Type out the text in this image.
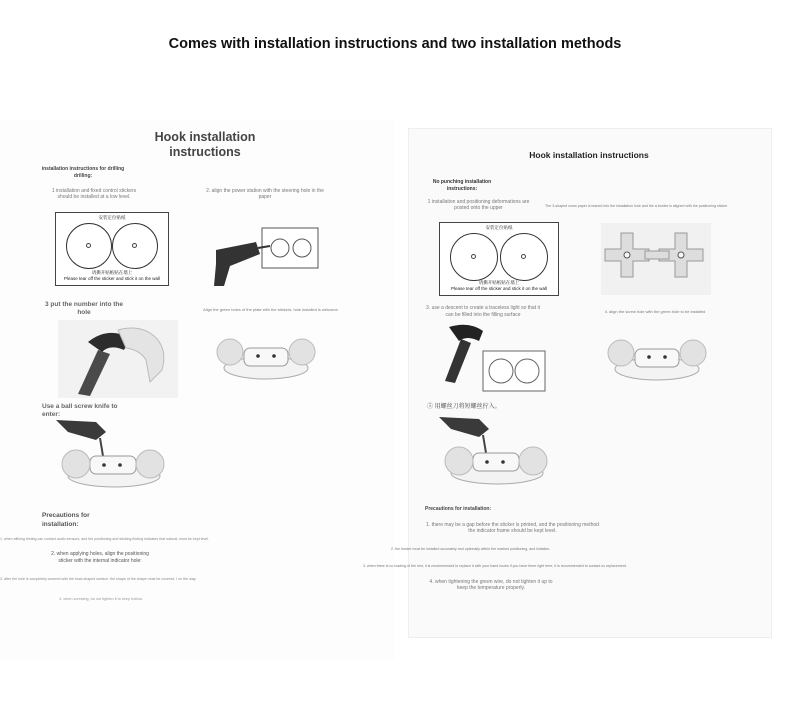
Comes with installation instructions and two installation methods
Hook installation instructions
installation instructions for drilling drilling:
1 installation and fixed control stickers should be installed at a low level.
2. align the power station with the steering hole in the paper
安装定位贴纸
请撕开贴纸贴在墙上
Please tear off the sticker and stick it on the wall
3 put the number into the hole	Align the green holes of the plate with the stickers, hole installed is welcome.
Use a ball screw knife to enter:
Precautions for installation:
1. when affixing testing can contact audio sensors, and the positioning and sticking finding indicates that natural, must be kept level.
2. when applying holes, align the positioning sticker with the internal indicator hole:
3. after the hole is completely covered with the bowl-shaped surface, the shape of the shape must be covered. I on the way.
4. when screwing, do not tighten it to keep hollow.
Hook installation instructions
No punching installation instructions:
1 installation and positioning deformations are posted onto the upper	The 3-shaped cross paper is leaned into the installation hole and the a border is aligned with the positioning sticker
安装定位贴纸
请撕开贴纸贴在墙上
Please tear off the sticker and stick it on the wall
3. use a descent to create a traceless light so that it can be filled into the filling surface
4. align the screw hole with the green hole to be installed
⑤ 用螺丝刀将短螺丝拧入。
Precautions for installation:
1. there may be a gap before the sticker is printed, and the positioning method the indicator frame should be kept level.
2. the border must be installed accurately and optionally within the marked positioning, and initiation.
3. when there is no loading of the rest, it is recommended to replace it with your hand hooks if you have them right here, it is recommended to contact us replacement.
4. when tightening the green wire, do not tighten it up to keep the temperature properly.
